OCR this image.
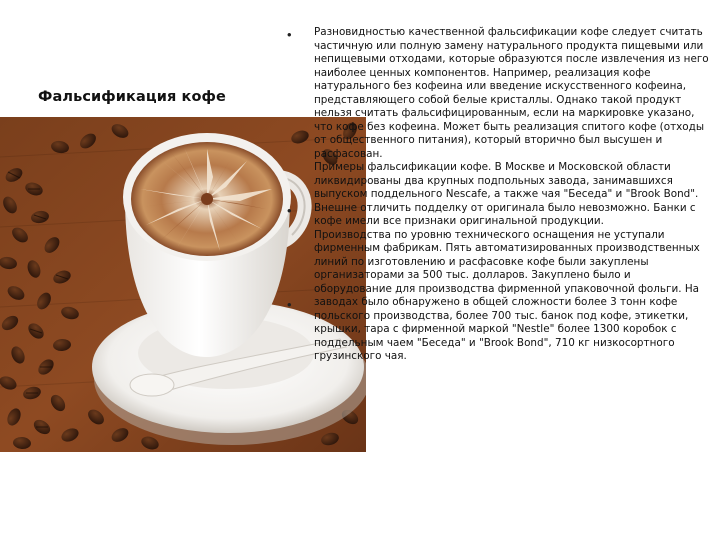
Фальсификация кофе
•
•
•

Разновидностью качественной фальсификации кофе следует считать частичную или полную замену натурального продукта пищевыми или непищевыми отходами, которые образуются после извлечения из него наиболее ценных компонентов. Например, реализация кофе натурального без кофеина или введение искусственного кофеина, представляющего собой белые кристаллы. Однако такой продукт нельзя считать фальсифицированным, если на маркировке указано, что кофе без кофеина. Может быть реализация спитого кофе (отходы от общественного питания), который вторично был высушен и расфасован.

Примеры фальсификации кофе. В Москве и Московской области ликвидированы два крупных подпольных завода, занимавшихся выпуском поддельного Nescafe, а также чая "Беседа" и "Brook Bond". Внешне отличить подделку от оригинала было невозможно. Банки с кофе имели все признаки оригинальной продукции.

Производства по уровню технического оснащения не уступали фирменным фабрикам. Пять автоматизированных производственных линий по изготовлению и расфасовке кофе были закуплены организаторами за 500 тыс. долларов. Закуплено было и оборудование для производства фирменной упаковочной фольги. На заводах было обнаружено в общей сложности более 3 тонн кофе польского производства, более 700 тыс. банок под кофе, этикетки, крышки, тара с фирменной маркой "Nestle" более 1300 коробок с поддельным чаем "Беседа" и "Brook Bond", 710 кг низкосортного грузинского чая.
